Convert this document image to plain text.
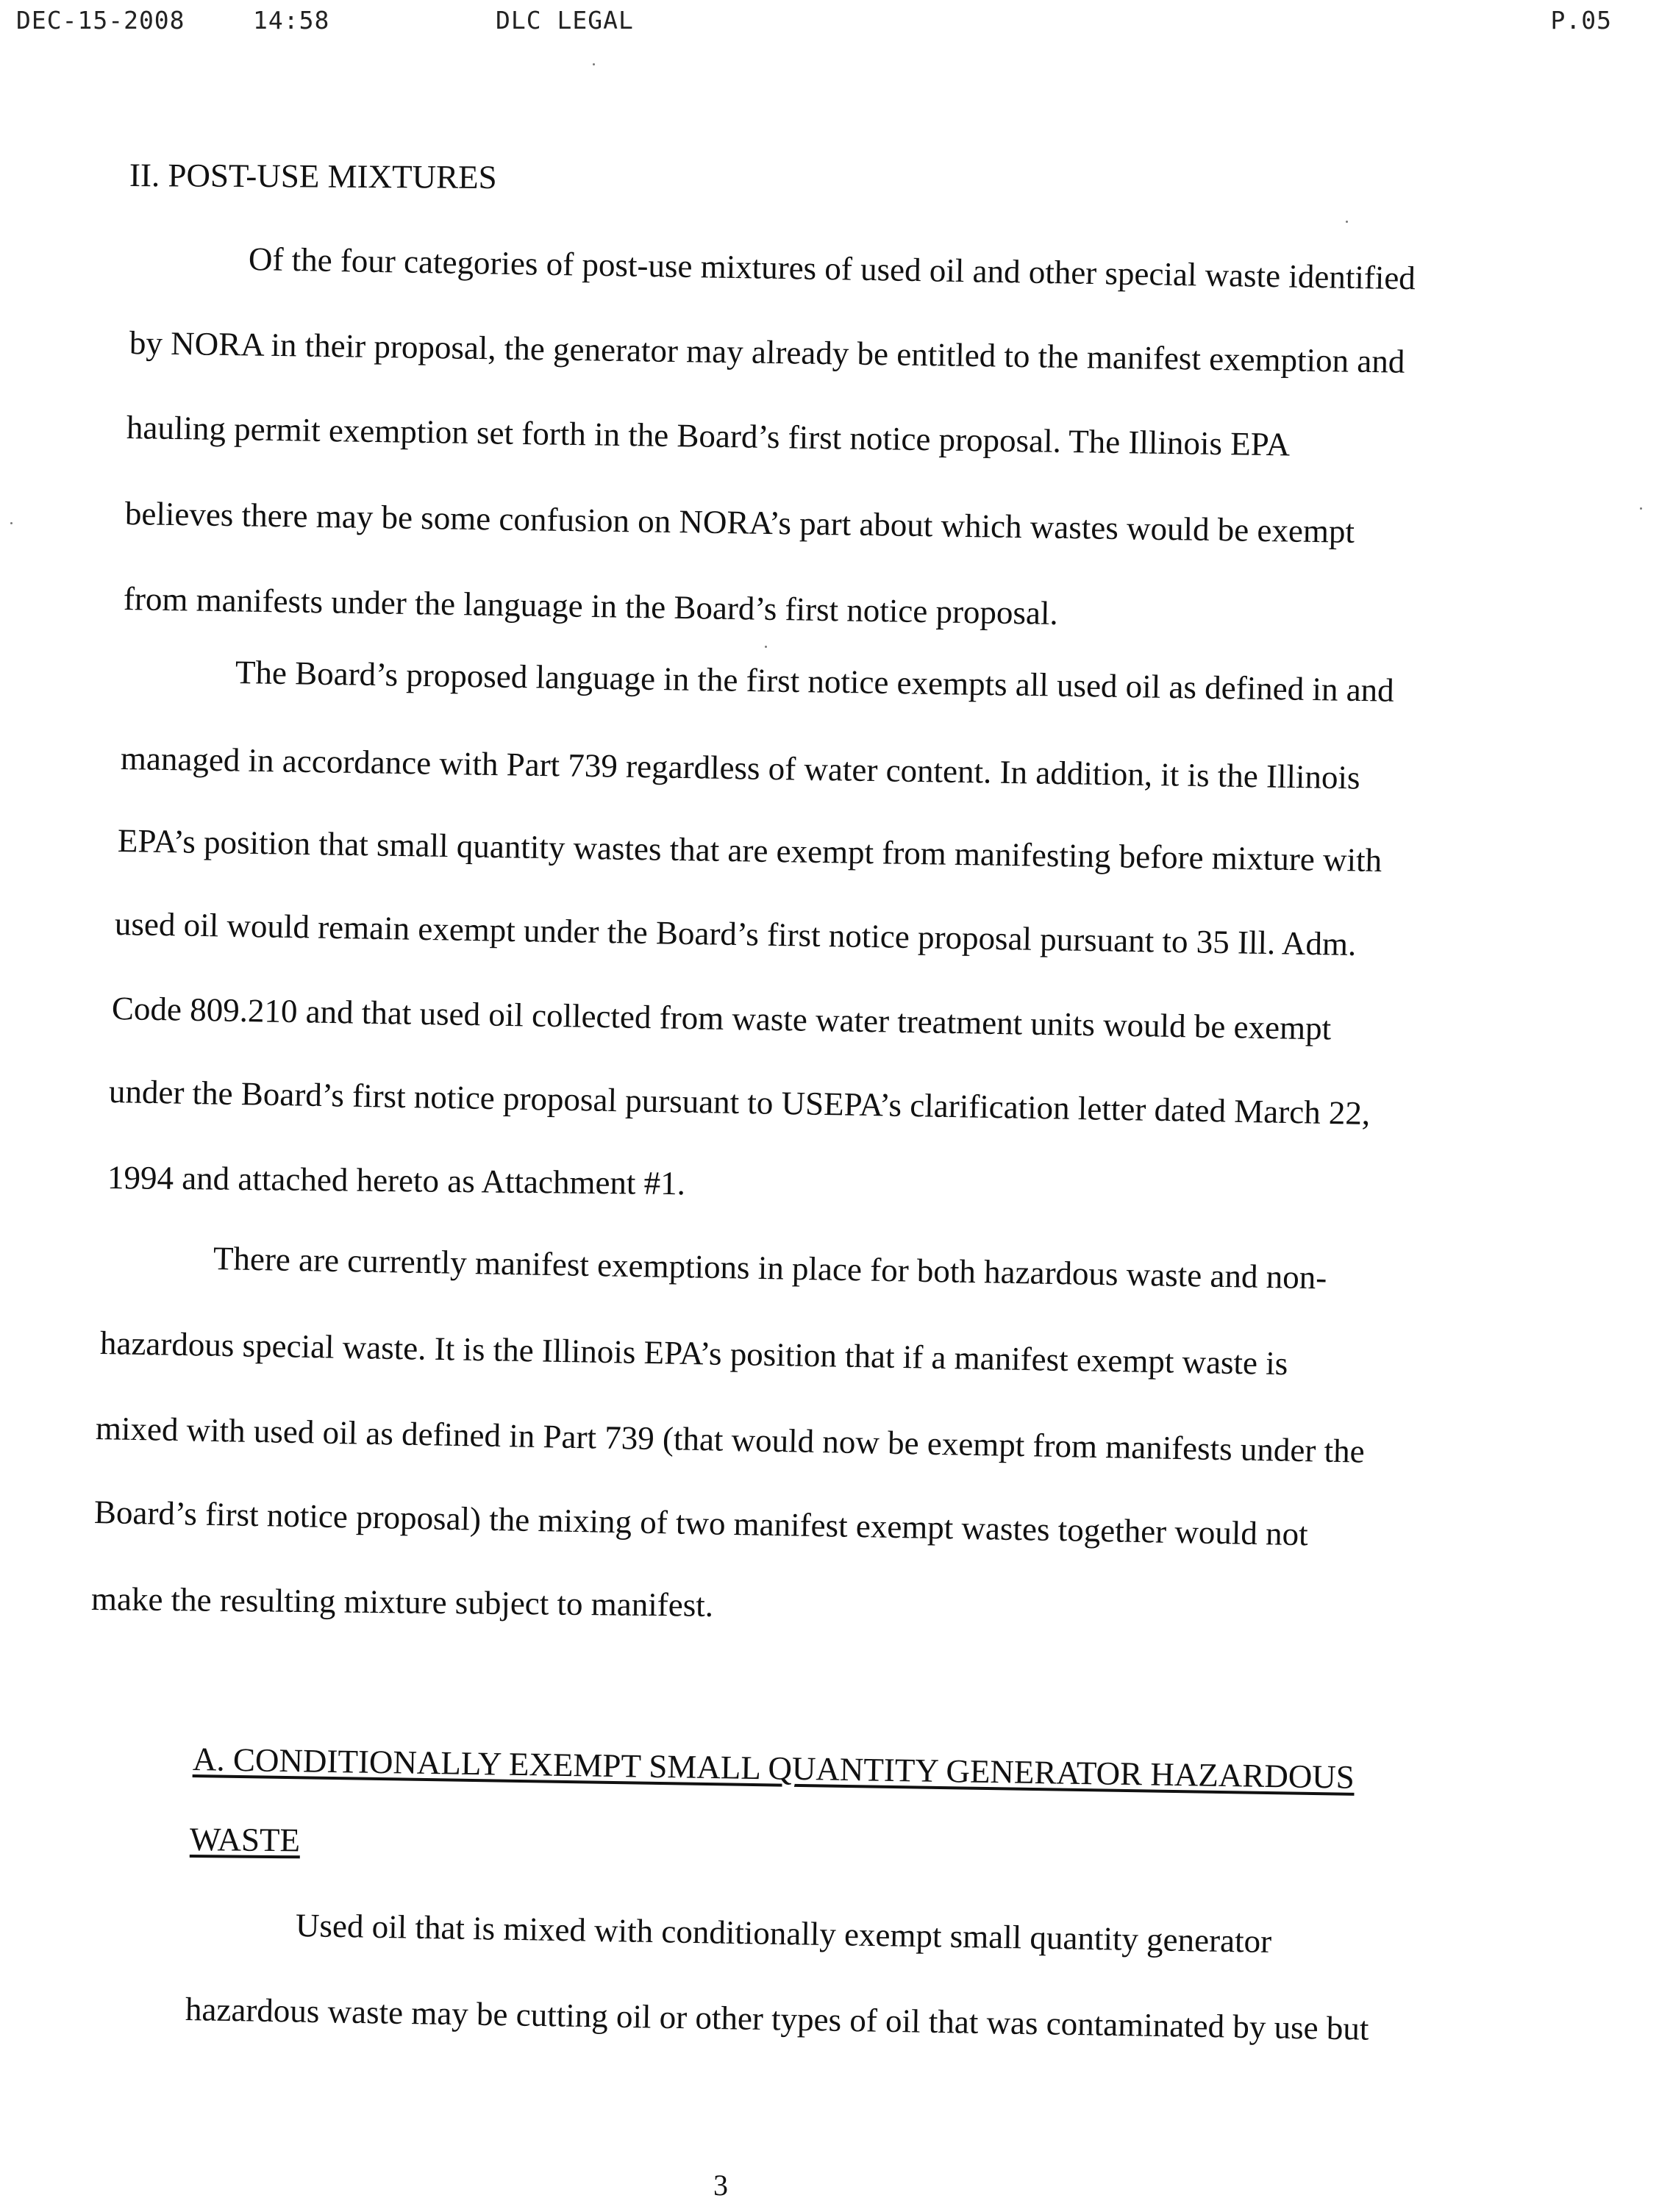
DEC-15-2008	14:58	DLC LEGAL	P.05
II. POST-USE MIXTURES
Of the four categories of post-use mixtures of used oil and other special waste identified
by NORA in their proposal, the generator may already be entitled to the manifest exemption and
hauling permit exemption set forth in the Board’s first notice proposal. The Illinois EPA
believes there may be some confusion on NORA’s part about which wastes would be exempt
from manifests under the language in the Board’s first notice proposal.
The Board’s proposed language in the first notice exempts all used oil as defined in and
managed in accordance with Part 739 regardless of water content. In addition, it is the Illinois
EPA’s position that small quantity wastes that are exempt from manifesting before mixture with
used oil would remain exempt under the Board’s first notice proposal pursuant to 35 Ill. Adm.
Code 809.210 and that used oil collected from waste water treatment units would be exempt
under the Board’s first notice proposal pursuant to USEPA’s clarification letter dated March 22,
1994 and attached hereto as Attachment #1.
There are currently manifest exemptions in place for both hazardous waste and non-
hazardous special waste. It is the Illinois EPA’s position that if a manifest exempt waste is
mixed with used oil as defined in Part 739 (that would now be exempt from manifests under the
Board’s first notice proposal) the mixing of two manifest exempt wastes together would not
make the resulting mixture subject to manifest.
A. CONDITIONALLY EXEMPT SMALL QUANTITY GENERATOR HAZARDOUS
WASTE
Used oil that is mixed with conditionally exempt small quantity generator
hazardous waste may be cutting oil or other types of oil that was contaminated by use but
3
